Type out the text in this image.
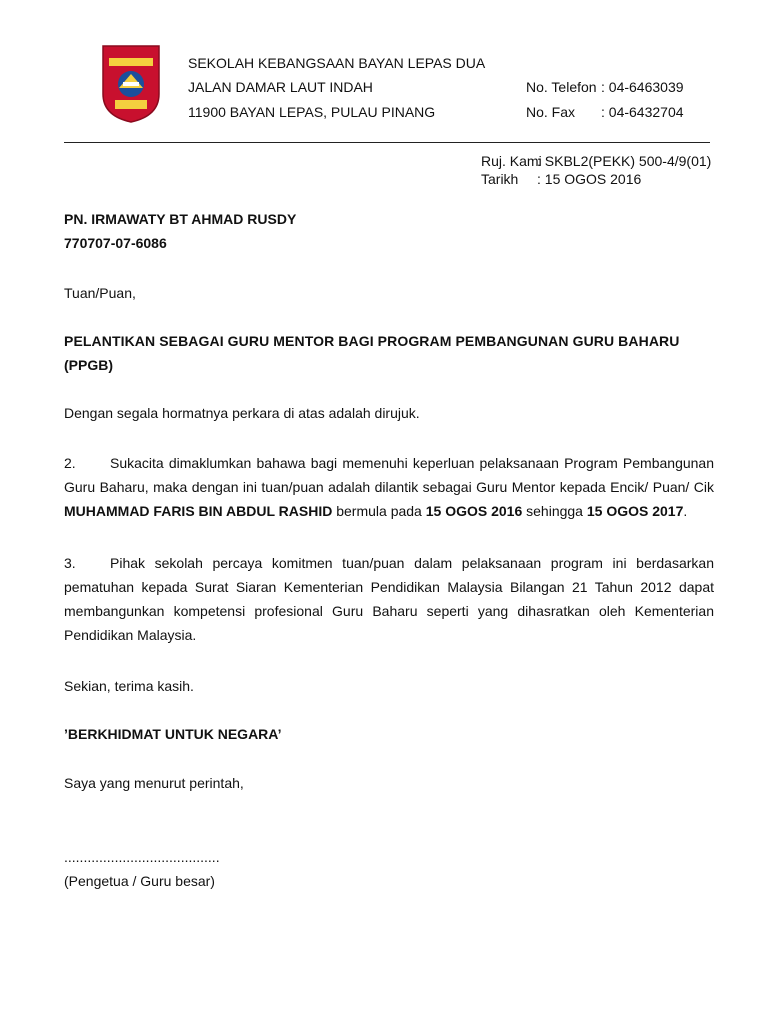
SEKOLAH KEBANGSAAN BAYAN LEPAS DUA
JALAN DAMAR LAUT INDAH
11900 BAYAN LEPAS, PULAU PINANG
No. Telefon : 04-6463039
No. Fax : 04-6432704
Ruj. Kami
: SKBL2(PEKK) 500-4/9(01)
Tarikh	: 15 OGOS 2016
PN. IRMAWATY BT AHMAD RUSDY
770707-07-6086
Tuan/Puan,
PELANTIKAN SEBAGAI GURU MENTOR BAGI PROGRAM PEMBANGUNAN GURU BAHARU
(PPGB)
Dengan segala hormatnya perkara di atas adalah dirujuk.
2. Sukacita dimaklumkan bahawa bagi memenuhi keperluan pelaksanaan Program Pembangunan Guru Baharu, maka dengan ini tuan/puan adalah dilantik sebagai Guru Mentor kepada Encik/ Puan/ Cik MUHAMMAD FARIS BIN ABDUL RASHID bermula pada 15 OGOS 2016 sehingga 15 OGOS 2017.
3. Pihak sekolah percaya komitmen tuan/puan dalam pelaksanaan program ini berdasarkan pematuhan kepada Surat Siaran Kementerian Pendidikan Malaysia Bilangan 21 Tahun 2012 dapat membangunkan kompetensi profesional Guru Baharu seperti yang dihasratkan oleh Kementerian Pendidikan Malaysia.
Sekian, terima kasih.
’BERKHIDMAT UNTUK NEGARA’
Saya yang menurut perintah,
........................................
(Pengetua / Guru besar)
